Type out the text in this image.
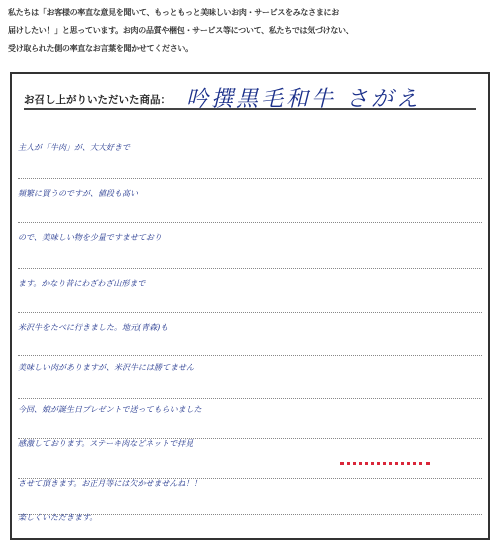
私たちは「お客様の率直な意見を聞いて、もっともっと美味しいお肉・サービスをみなさまにお
届けしたい！」と思っています。お肉の品質や梱包・サービス等について、私たちでは気づけない、
受け取られた側の率直なお言葉を聞かせてください。
お召し上がりいただいた商品： 吟撰黒毛和牛 さがえ
主人が「牛肉」が、大大好きで
頻繁に買うのですが、値段も高い
ので、美味しい物を少量ですませており
ます。かなり昔にわざわざ山形まで
米沢牛をたべに行きました。地元(青森)も
美味しい肉がありますが、米沢牛には勝てません
今回、娘が誕生日プレゼントで送ってもらいました
感激しております。ステーキ肉などネットで拝見
させて頂きます。お正月等には欠かせませんね！！
楽しくいただきます。
